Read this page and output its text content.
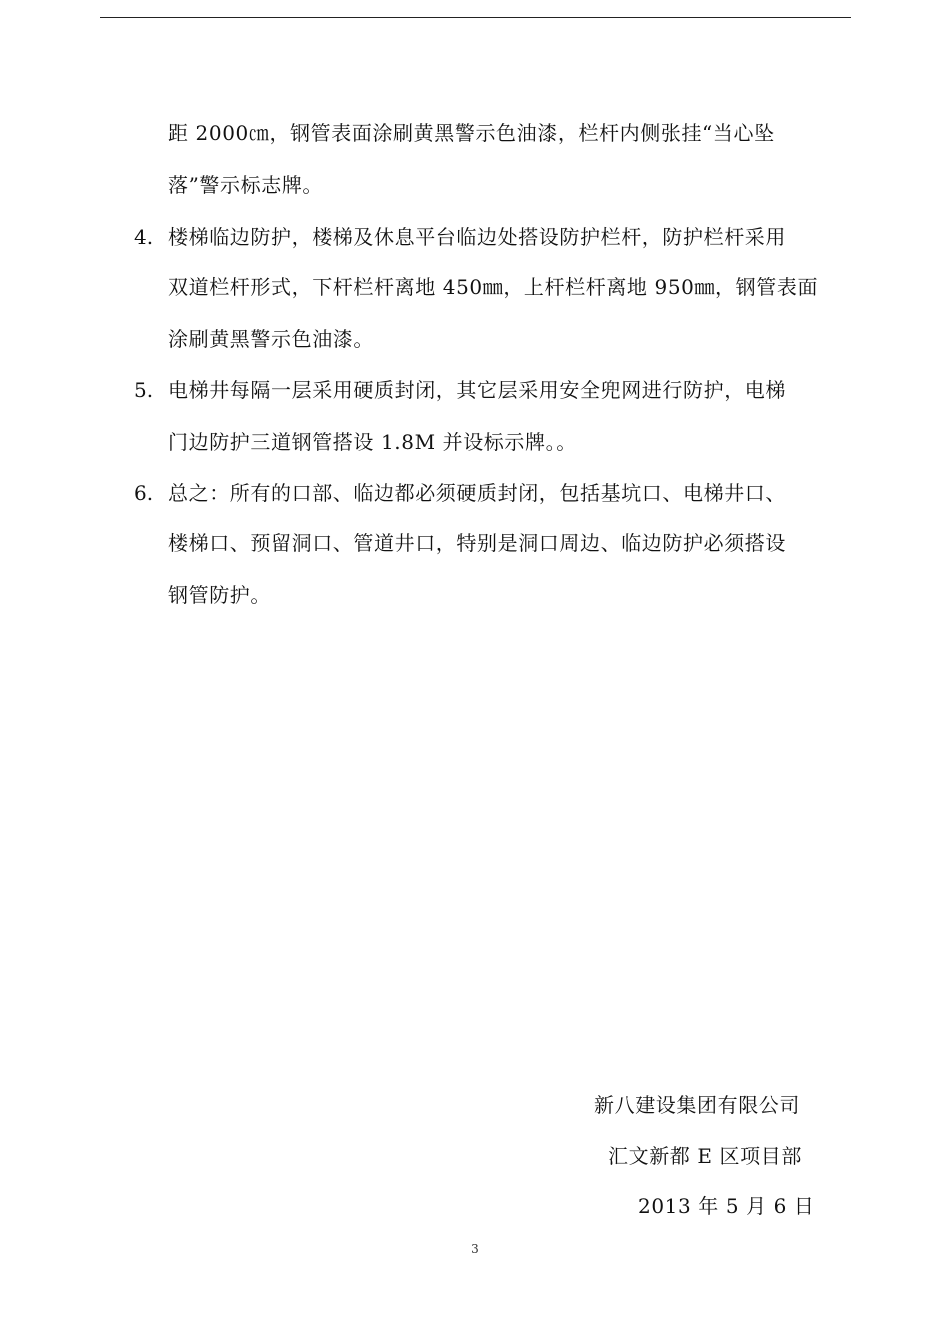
距 2000㎝，钢管表面涂刷黄黑警示色油漆，栏杆内侧张挂“当心坠
落”警示标志牌。
4. 楼梯临边防护，楼梯及休息平台临边处搭设防护栏杆，防护栏杆采用
双道栏杆形式，下杆栏杆离地 450㎜，上杆栏杆离地 950㎜，钢管表面
涂刷黄黑警示色油漆。
5. 电梯井每隔一层采用硬质封闭，其它层采用安全兜网进行防护，电梯
门边防护三道钢管搭设 1.8M 并设标示牌。。
6. 总之：所有的口部、临边都必须硬质封闭，包括基坑口、电梯井口、
楼梯口、预留洞口、管道井口，特别是洞口周边、临边防护必须搭设
钢管防护。
新八建设集团有限公司
汇文新都 E 区项目部
2013 年 5 月 6 日
3
